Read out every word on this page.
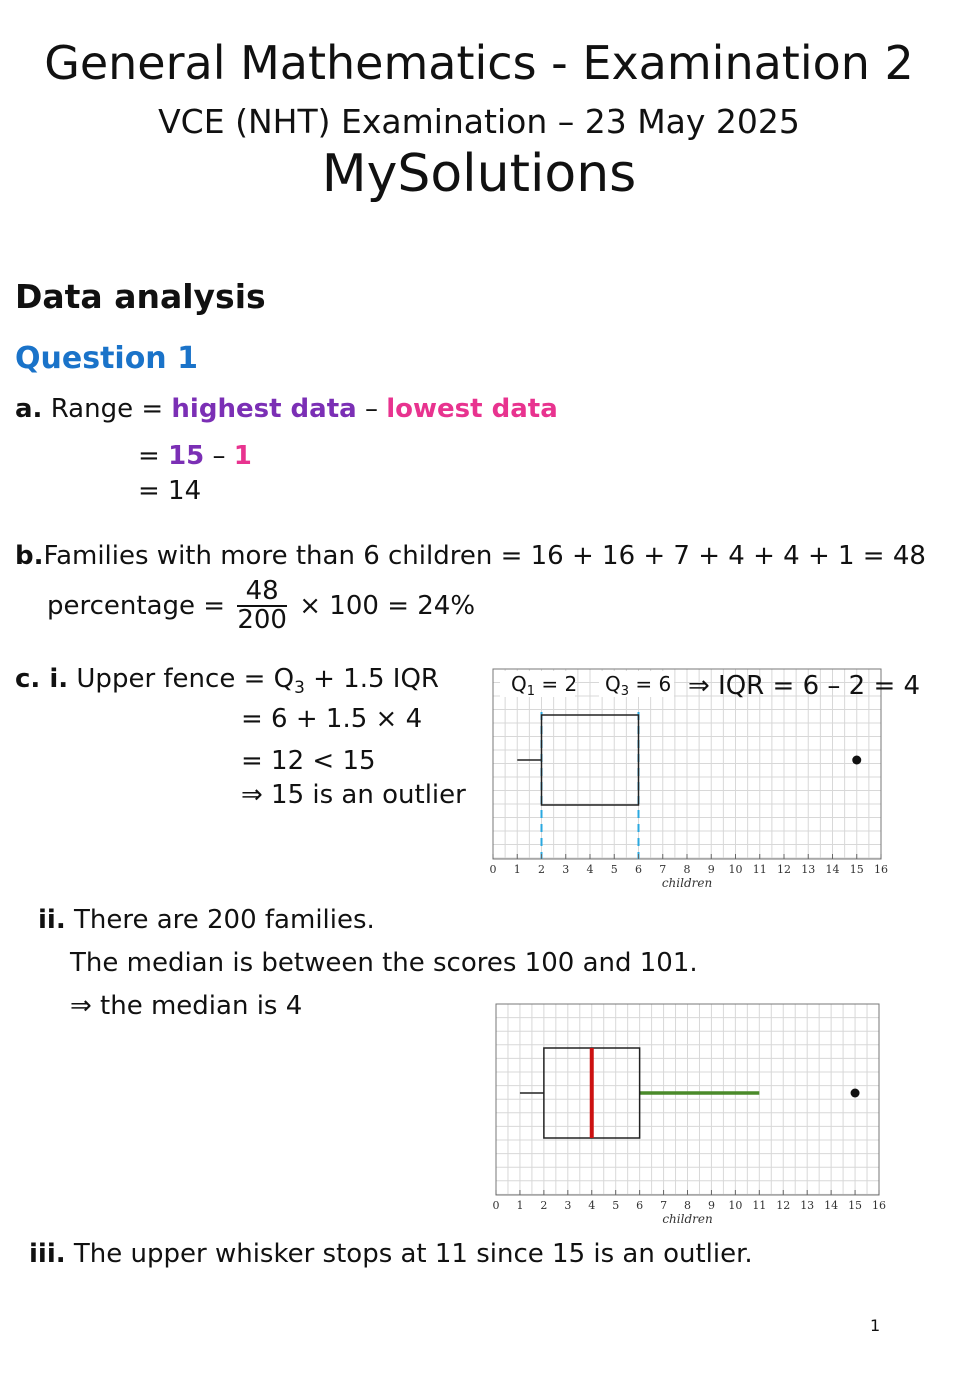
General Mathematics - Examination 2
VCE (NHT) Examination – 23 May 2025
MySolutions
Data analysis
Question 1
a. Range = highest data – lowest data
= 15 – 1
= 14
b.Families with more than 6 children = 16 + 16 + 7 + 4 + 4 + 1 = 48
percentage = $\frac{48}{200} \times 100 = 24\%$
c. i. Upper fence = $Q_3 + 1.5$ IQR
= 6 + 1.5 × 4
= 12 < 15
⇒ 15 is an outlier
0 1 2 3 4 5 6 7 8 9 10 11 12 13 14 15 16
children
$Q_1 = 2$ $Q_3 = 6$ ⇒ IQR = 6 – 2 = 4
ii. There are 200 families.
The median is between the scores 100 and 101.
⇒ the median is 4
0 1 2 3 4 5 6 7 8 9 10 11 12 13 14 15 16
children
iii. The upper whisker stops at 11 since 15 is an outlier.
1
